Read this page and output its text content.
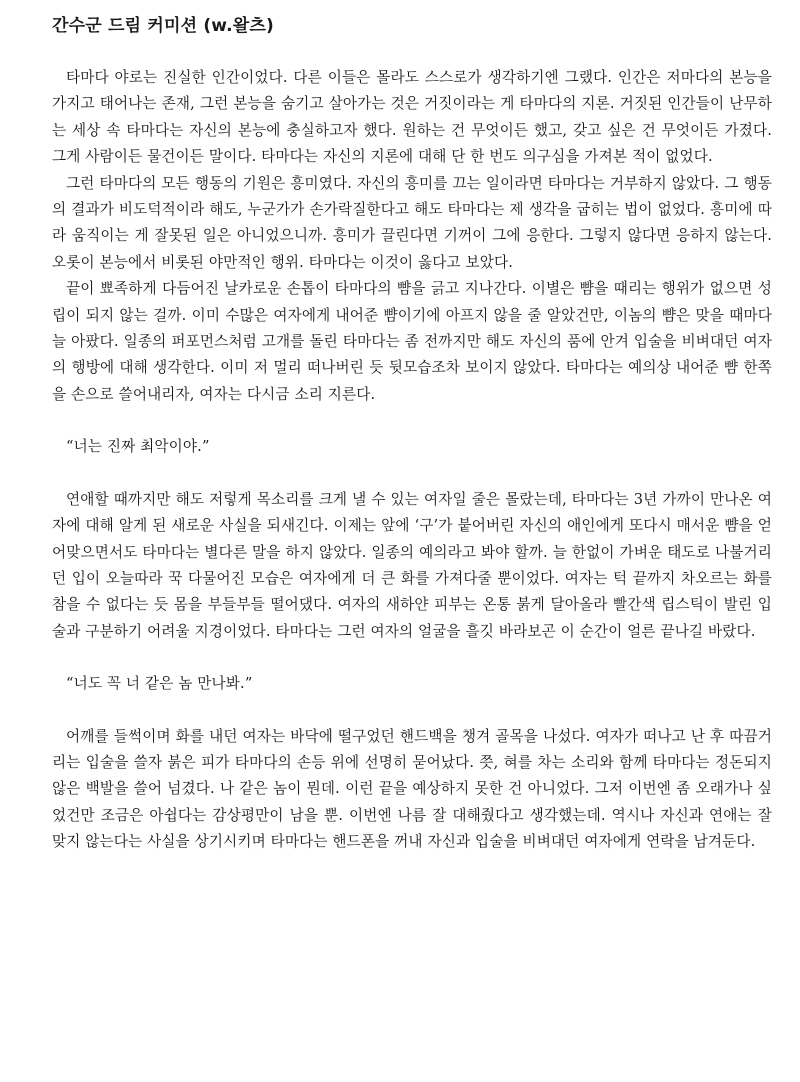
간수군 드림 커미션 (w.왈츠)

타마다 야로는 진실한 인간이었다. 다른 이들은 몰라도 스스로가 생각하기엔 그랬다. 인간은 저마다의 본능을 가지고 태어나는 존재, 그런 본능을 숨기고 살아가는 것은 거짓이라는 게 타마다의 지론. 거짓된 인간들이 난무하는 세상 속 타마다는 자신의 본능에 충실하고자 했다. 원하는 건 무엇이든 했고, 갖고 싶은 건 무엇이든 가졌다. 그게 사람이든 물건이든 말이다. 타마다는 자신의 지론에 대해 단 한 번도 의구심을 가져본 적이 없었다.

그런 타마다의 모든 행동의 기원은 흥미였다. 자신의 흥미를 끄는 일이라면 타마다는 거부하지 않았다. 그 행동의 결과가 비도덕적이라 해도, 누군가가 손가락질한다고 해도 타마다는 제 생각을 굽히는 법이 없었다. 흥미에 따라 움직이는 게 잘못된 일은 아니었으니까. 흥미가 끌린다면 기꺼이 그에 응한다. 그렇지 않다면 응하지 않는다. 오롯이 본능에서 비롯된 야만적인 행위. 타마다는 이것이 옳다고 보았다.

끝이 뾰족하게 다듬어진 날카로운 손톱이 타마다의 뺨을 긁고 지나간다. 이별은 뺨을 때리는 행위가 없으면 성립이 되지 않는 걸까. 이미 수많은 여자에게 내어준 뺨이기에 아프지 않을 줄 알았건만, 이놈의 뺨은 맞을 때마다 늘 아팠다. 일종의 퍼포먼스처럼 고개를 돌린 타마다는 좀 전까지만 해도 자신의 품에 안겨 입술을 비벼대던 여자의 행방에 대해 생각한다. 이미 저 멀리 떠나버린 듯 뒷모습조차 보이지 않았다. 타마다는 예의상 내어준 뺨 한쪽을 손으로 쓸어내리자, 여자는 다시금 소리 지른다.

“너는 진짜 최악이야.”

연애할 때까지만 해도 저렇게 목소리를 크게 낼 수 있는 여자일 줄은 몰랐는데, 타마다는 3년 가까이 만나온 여자에 대해 알게 된 새로운 사실을 되새긴다. 이제는 앞에 ‘구’가 붙어버린 자신의 애인에게 또다시 매서운 뺨을 얻어맞으면서도 타마다는 별다른 말을 하지 않았다. 일종의 예의라고 봐야 할까. 늘 한없이 가벼운 태도로 나불거리던 입이 오늘따라 꾹 다물어진 모습은 여자에게 더 큰 화를 가져다줄 뿐이었다. 여자는 턱 끝까지 차오르는 화를 참을 수 없다는 듯 몸을 부들부들 떨어댔다. 여자의 새하얀 피부는 온통 붉게 달아올라 빨간색 립스틱이 발린 입술과 구분하기 어려울 지경이었다. 타마다는 그런 여자의 얼굴을 흘깃 바라보곤 이 순간이 얼른 끝나길 바랐다.

“너도 꼭 너 같은 놈 만나봐.”

어깨를 들썩이며 화를 내던 여자는 바닥에 떨구었던 핸드백을 챙겨 골목을 나섰다. 여자가 떠나고 난 후 따끔거리는 입술을 쓸자 붉은 피가 타마다의 손등 위에 선명히 묻어났다. 쯧, 혀를 차는 소리와 함께 타마다는 정돈되지 않은 백발을 쓸어 넘겼다. 나 같은 놈이 뭔데. 이런 끝을 예상하지 못한 건 아니었다. 그저 이번엔 좀 오래가나 싶었건만 조금은 아쉽다는 감상평만이 남을 뿐. 이번엔 나름 잘 대해줬다고 생각했는데. 역시나 자신과 연애는 잘 맞지 않는다는 사실을 상기시키며 타마다는 핸드폰을 꺼내 자신과 입술을 비벼대던 여자에게 연락을 남겨둔다.
